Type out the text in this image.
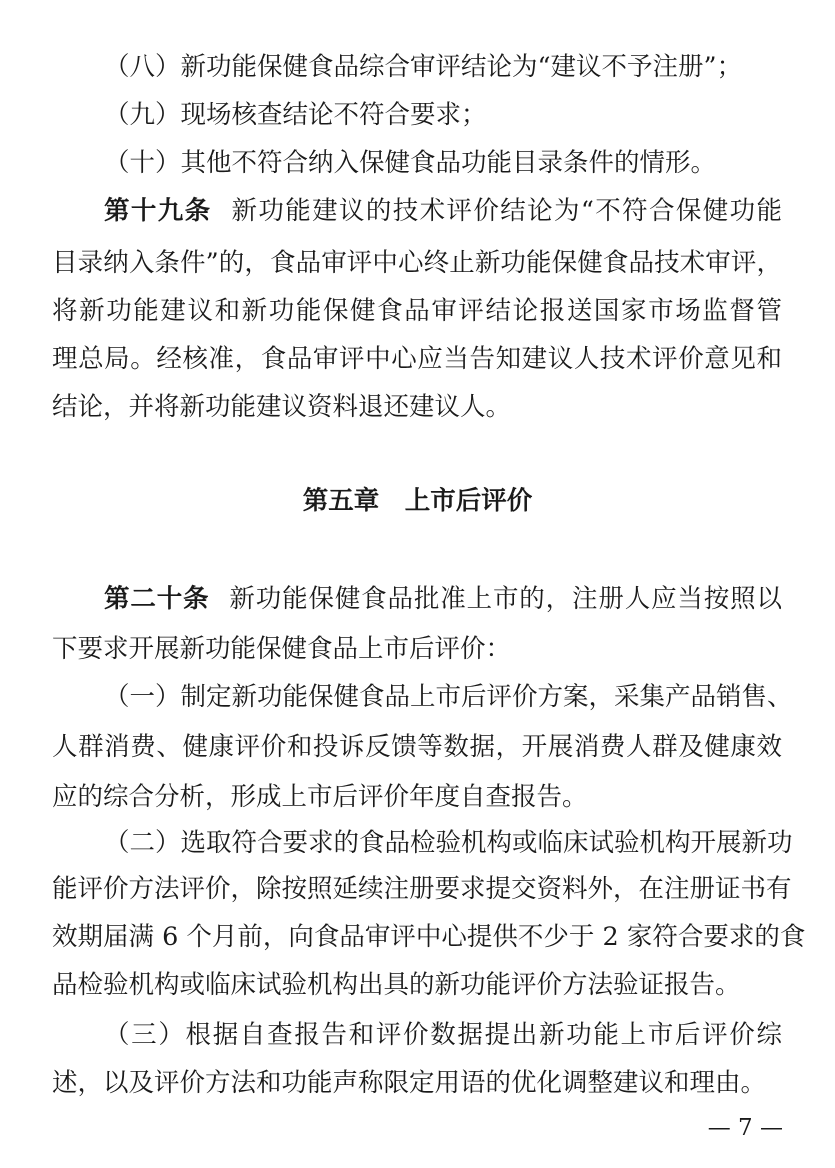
（八）新功能保健食品综合审评结论为“建议不予注册”；
（九）现场核查结论不符合要求；
（十）其他不符合纳入保健食品功能目录条件的情形。
第十九条 新功能建议的技术评价结论为“不符合保健功能
目录纳入条件”的，食品审评中心终止新功能保健食品技术审评，
将新功能建议和新功能保健食品审评结论报送国家市场监督管
理总局。经核准，食品审评中心应当告知建议人技术评价意见和
结论，并将新功能建议资料退还建议人。
第五章　上市后评价
第二十条 新功能保健食品批准上市的，注册人应当按照以
下要求开展新功能保健食品上市后评价：
（一）制定新功能保健食品上市后评价方案，采集产品销售、
人群消费、健康评价和投诉反馈等数据，开展消费人群及健康效
应的综合分析，形成上市后评价年度自查报告。
（二）选取符合要求的食品检验机构或临床试验机构开展新功
能评价方法评价，除按照延续注册要求提交资料外，在注册证书有
效期届满 6 个月前，向食品审评中心提供不少于 2 家符合要求的食
品检验机构或临床试验机构出具的新功能评价方法验证报告。
（三）根据自查报告和评价数据提出新功能上市后评价综
述，以及评价方法和功能声称限定用语的优化调整建议和理由。
— 7 —
